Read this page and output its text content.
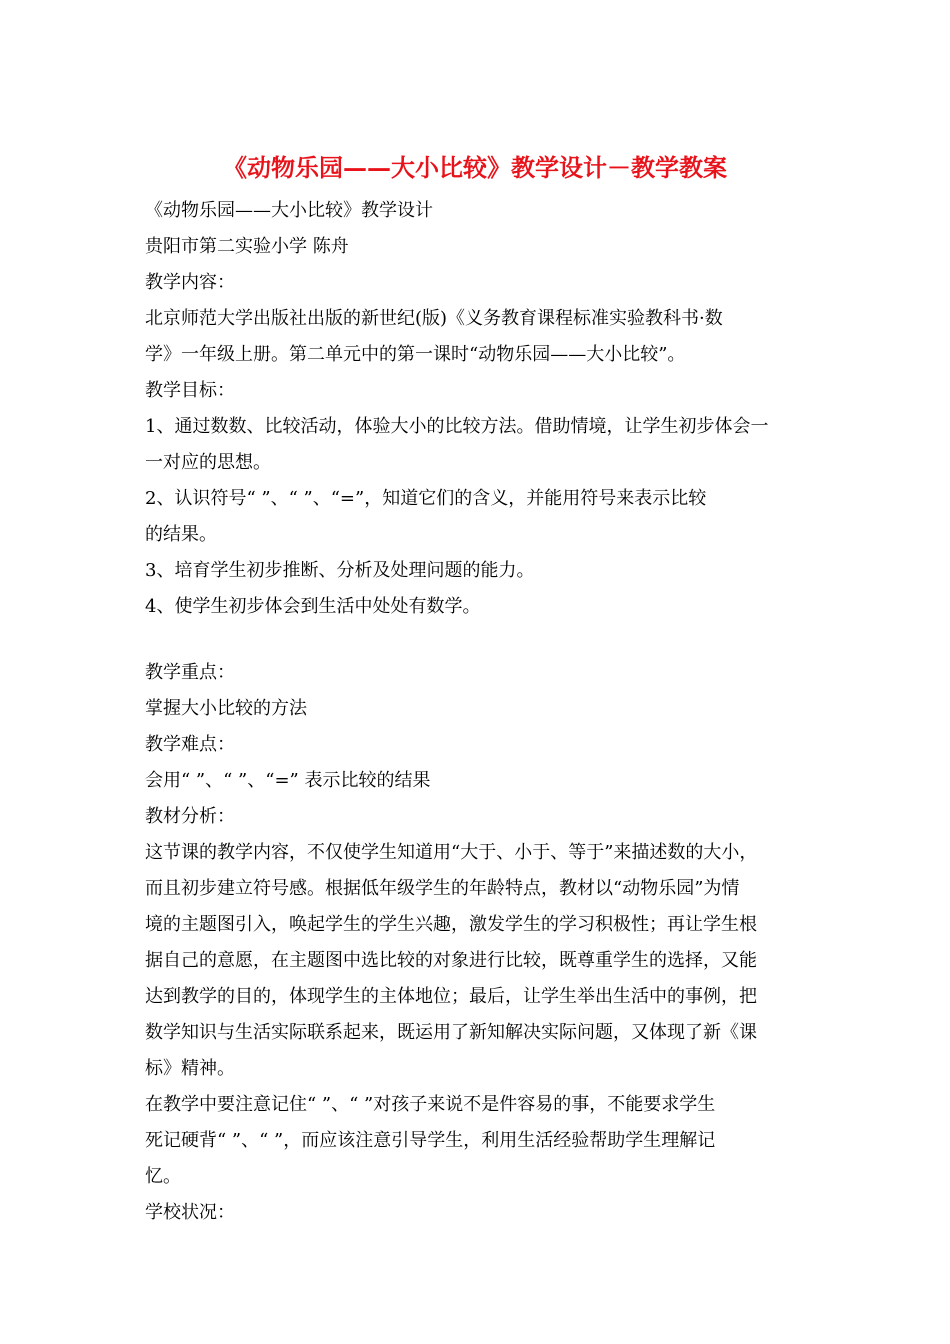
《动物乐园——大小比较》教学设计－教学教案
《动物乐园——大小比较》教学设计
贵阳市第二实验小学 陈舟
教学内容：
北京师范大学出版社出版的新世纪(版)《义务教育课程标准实验教科书·数
学》一年级上册。第二单元中的第一课时“动物乐园——大小比较”。
教学目标：
1、通过数数、比较活动，体验大小的比较方法。借助情境，让学生初步体会一
一对应的思想。
2、认识符号“ ”、“ ”、“=”，知道它们的含义，并能用符号来表示比较
的结果。
3、培育学生初步推断、分析及处理问题的能力。
4、使学生初步体会到生活中处处有数学。
教学重点：
掌握大小比较的方法
教学难点：
会用“ ”、“ ”、“=” 表示比较的结果
教材分析：
这节课的教学内容，不仅使学生知道用“大于、小于、等于”来描述数的大小，
而且初步建立符号感。根据低年级学生的年龄特点，教材以“动物乐园”为情
境的主题图引入，唤起学生的学生兴趣，激发学生的学习积极性；再让学生根
据自己的意愿，在主题图中选比较的对象进行比较，既尊重学生的选择，又能
达到教学的目的，体现学生的主体地位；最后，让学生举出生活中的事例，把
数学知识与生活实际联系起来，既运用了新知解决实际问题，又体现了新《课
标》精神。
在教学中要注意记住“ ”、“ ”对孩子来说不是件容易的事，不能要求学生
死记硬背“ ”、“ ”，而应该注意引导学生，利用生活经验帮助学生理解记
忆。
学校状况：
